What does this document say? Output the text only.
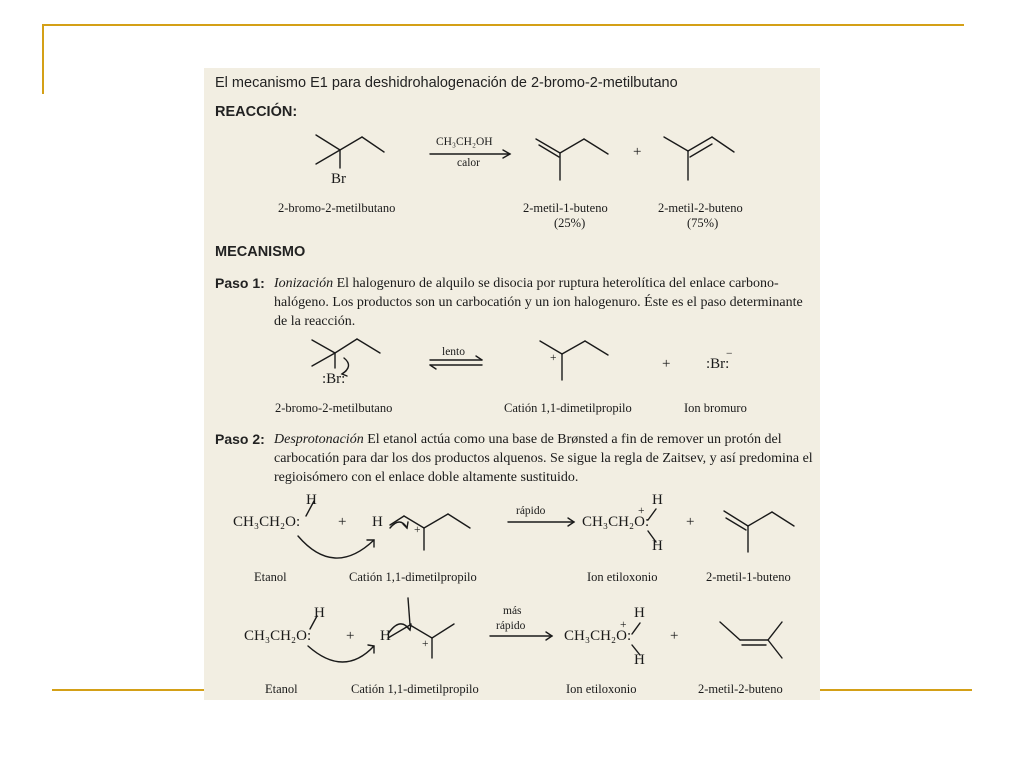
El mecanismo E1 para deshidrohalogenación de 2-bromo-2-metilbutano
REACCIÓN:
Br
CH₃CH₂OH
calor
+
2-bromo-2-metilbutano	2-metil-1-buteno
(25%)
2-metil-2-buteno
(75%)
MECANISMO
Paso 1: Ionización El halogenuro de alquilo se disocia por ruptura heterolítica del enlace carbono-halógeno. Los productos son un carbocatión y un ion halogenuro. Éste es el paso determinante de la reacción.
:Br:
lento	+	+ :Br:
−
2-bromo-2-metilbutano	Catión 1,1-dimetilpropilo	Ion bromuro
Paso 2: Desprotonación El etanol actúa como una base de Brønsted a fin de remover un protón del carbocatión para dar los dos productos alquenos. Se sigue la regla de Zaitsev, y así predomina el regioisómero con el enlace doble altamente sustituido.
H
CH₃CH₂O:	+ H	+
rápido
H
+
CH₃CH₂O:
H
+
Etanol	Catión 1,1-dimetilpropilo	Ion etiloxonio	2-metil-1-buteno
más
rápido
H
CH₃CH₂O: + H	+
H
+
CH₃CH₂O:
H
+
Etanol	Catión 1,1-dimetilpropilo	Ion etiloxonio	2-metil-2-buteno
